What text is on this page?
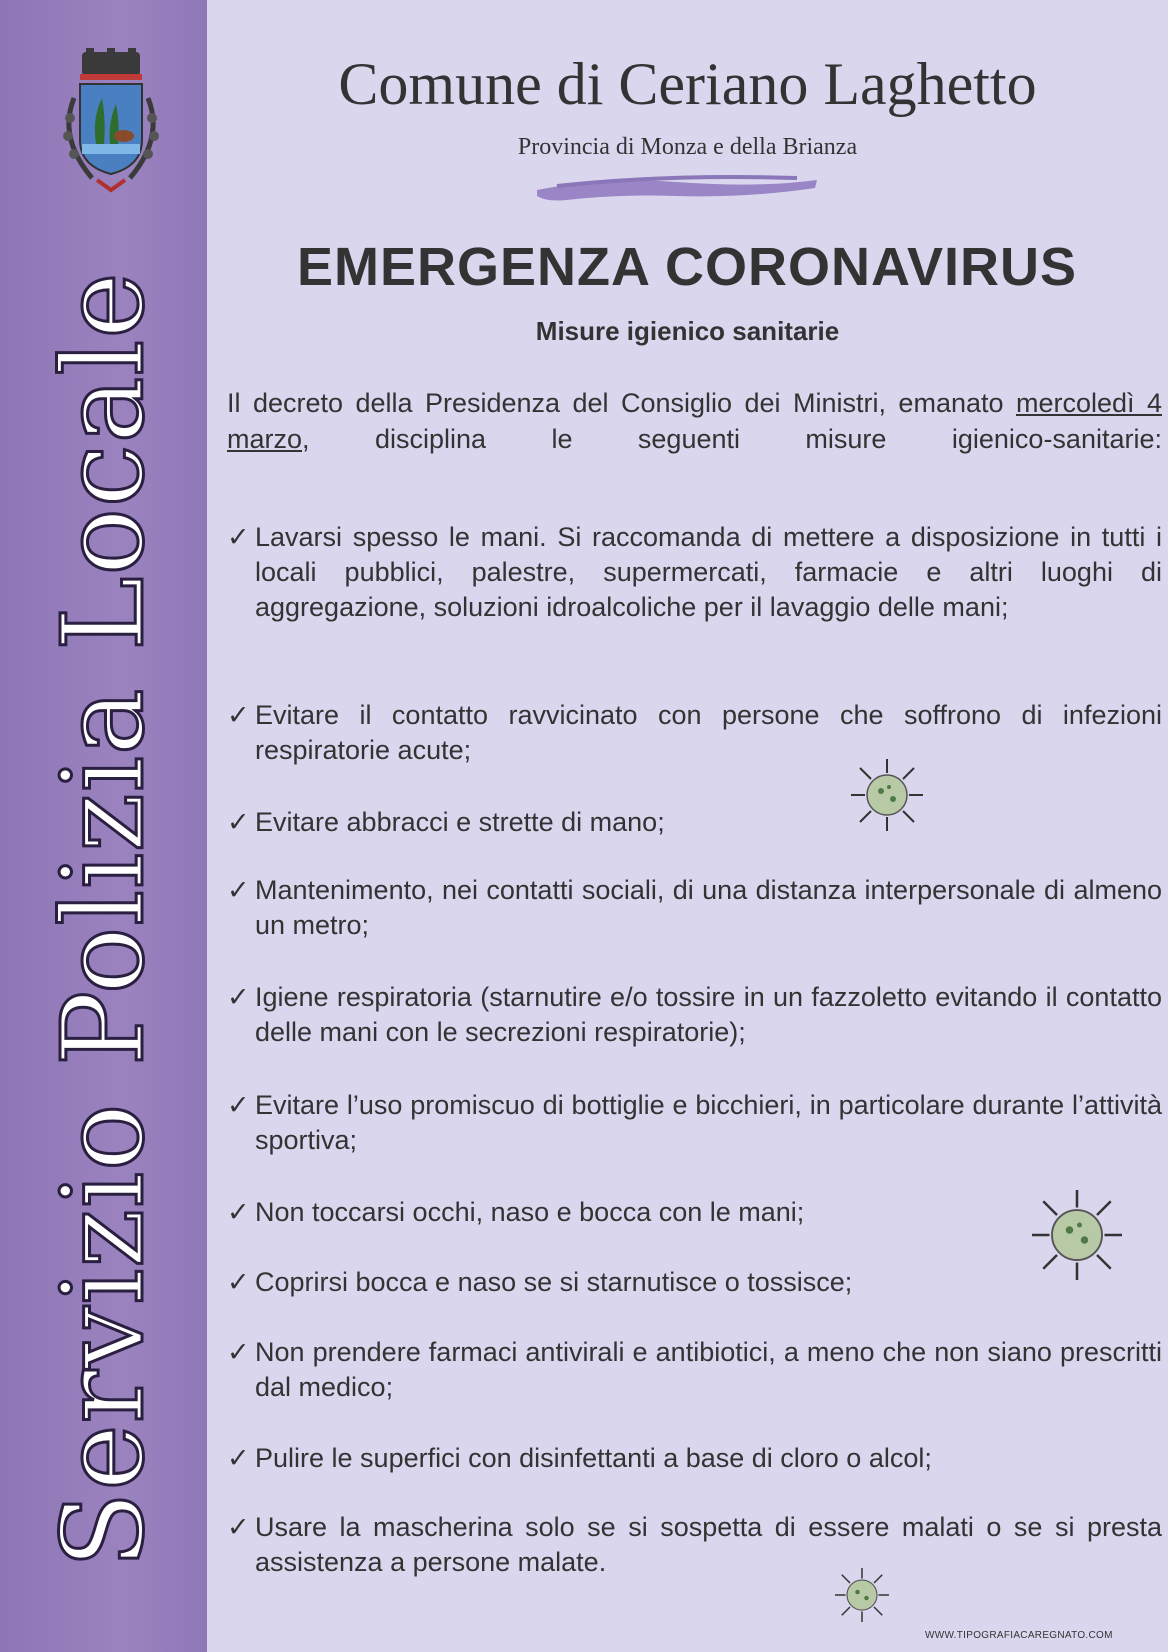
Servizio Polizia Locale
Comune di Ceriano Laghetto
Provincia di Monza e della Brianza
EMERGENZA CORONAVIRUS
Misure igienico sanitarie
Il decreto della Presidenza del Consiglio dei Ministri, emanato mercoledì 4 marzo, disciplina le seguenti misure igienico-sanitarie:
✓ Lavarsi spesso le mani. Si raccomanda di mettere a disposizione in tutti i locali pubblici, palestre, supermercati, farmacie e altri luoghi di aggregazione, soluzioni idroalcoliche per il lavaggio delle mani;
✓ Evitare il contatto ravvicinato con persone che soffrono di infezioni respiratorie acute;
✓ Evitare abbracci e strette di mano;
✓ Mantenimento, nei contatti sociali, di una distanza interpersonale di almeno un metro;
✓ Igiene respiratoria (starnutire e/o tossire in un fazzoletto evitando il contatto delle mani con le secrezioni respiratorie);
✓ Evitare l’uso promiscuo di bottiglie e bicchieri, in particolare durante l’attività sportiva;
✓ Non toccarsi occhi, naso e bocca con le mani;
✓ Coprirsi bocca e naso se si starnutisce o tossisce;
✓ Non prendere farmaci antivirali e antibiotici, a meno che non siano prescritti dal medico;
✓ Pulire le superfici con disinfettanti a base di cloro o alcol;
✓ Usare la mascherina solo se si sospetta di essere malati o se si presta assistenza a persone malate.
WWW.TIPOGRAFIACAREGNATO.COM
